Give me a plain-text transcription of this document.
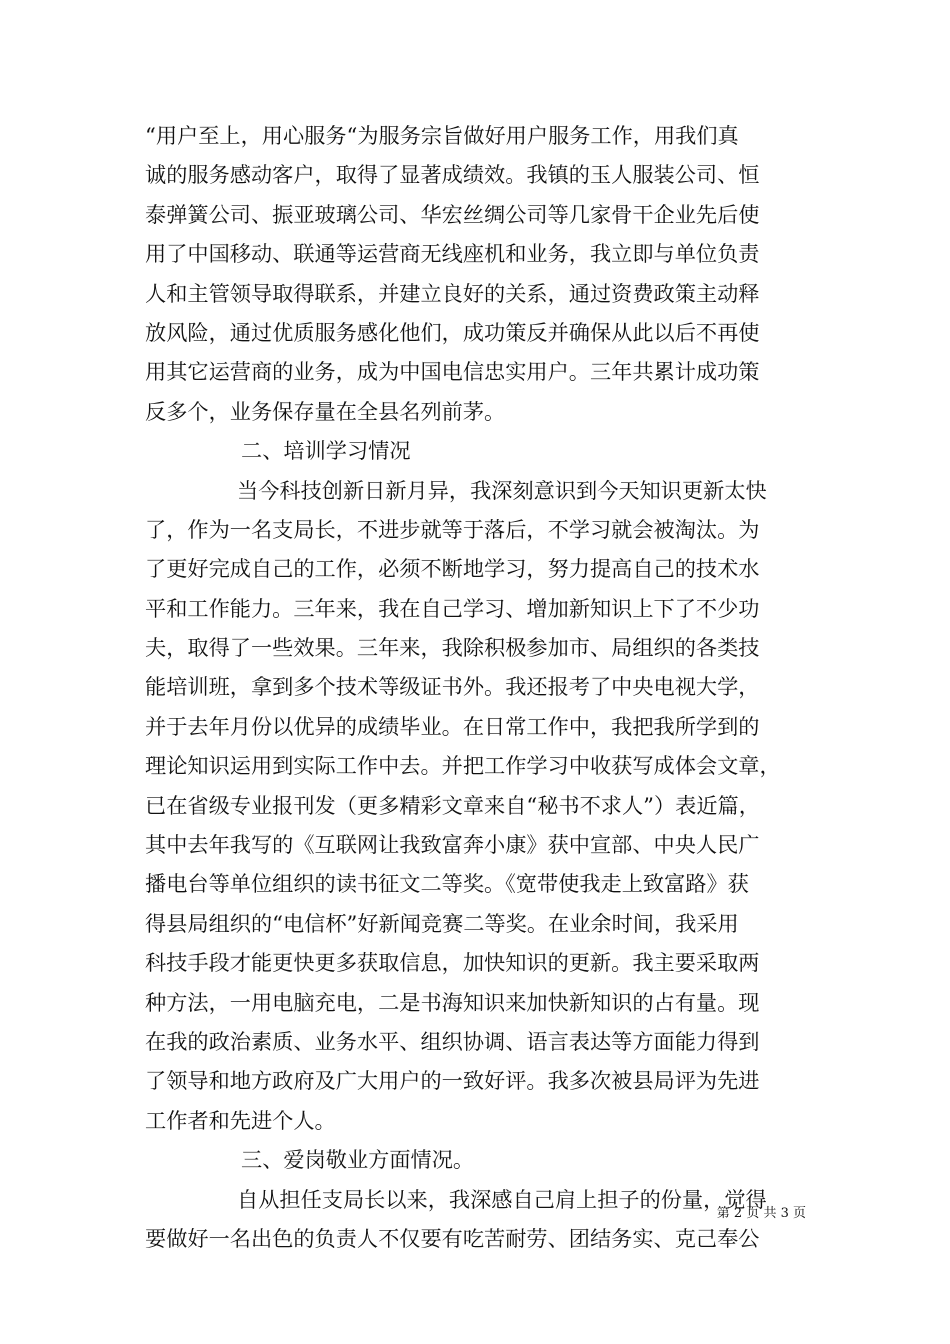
“用户至上，用心服务“为服务宗旨做好用户服务工作，用我们真
诚的服务感动客户，取得了显著成绩效。我镇的玉人服装公司、恒
泰弹簧公司、振亚玻璃公司、华宏丝绸公司等几家骨干企业先后使
用了中国移动、联通等运营商无线座机和业务，我立即与单位负责
人和主管领导取得联系，并建立良好的关系，通过资费政策主动释
放风险，通过优质服务感化他们，成功策反并确保从此以后不再使
用其它运营商的业务，成为中国电信忠实用户。三年共累计成功策
反多个，业务保存量在全县名列前茅。
二、培训学习情况
当今科技创新日新月异，我深刻意识到今天知识更新太快
了，作为一名支局长，不进步就等于落后，不学习就会被淘汰。为
了更好完成自己的工作，必须不断地学习，努力提高自己的技术水
平和工作能力。三年来，我在自己学习、增加新知识上下了不少功
夫，取得了一些效果。三年来，我除积极参加市、局组织的各类技
能培训班，拿到多个技术等级证书外。我还报考了中央电视大学，
并于去年月份以优异的成绩毕业。在日常工作中，我把我所学到的
理论知识运用到实际工作中去。并把工作学习中收获写成体会文章，
已在省级专业报刊发（更多精彩文章来自“秘书不求人”）表近篇，
其中去年我写的《互联网让我致富奔小康》获中宣部、中央人民广
播电台等单位组织的读书征文二等奖。《宽带使我走上致富路》获
得县局组织的“电信杯”好新闻竞赛二等奖。在业余时间，我采用
科技手段才能更快更多获取信息，加快知识的更新。我主要采取两
种方法，一用电脑充电，二是书海知识来加快新知识的占有量。现
在我的政治素质、业务水平、组织协调、语言表达等方面能力得到
了领导和地方政府及广大用户的一致好评。我多次被县局评为先进
工作者和先进个人。
三、爱岗敬业方面情况。
自从担任支局长以来，我深感自己肩上担子的份量，觉得
要做好一名出色的负责人不仅要有吃苦耐劳、团结务实、克己奉公
第 2 页 共 3 页
